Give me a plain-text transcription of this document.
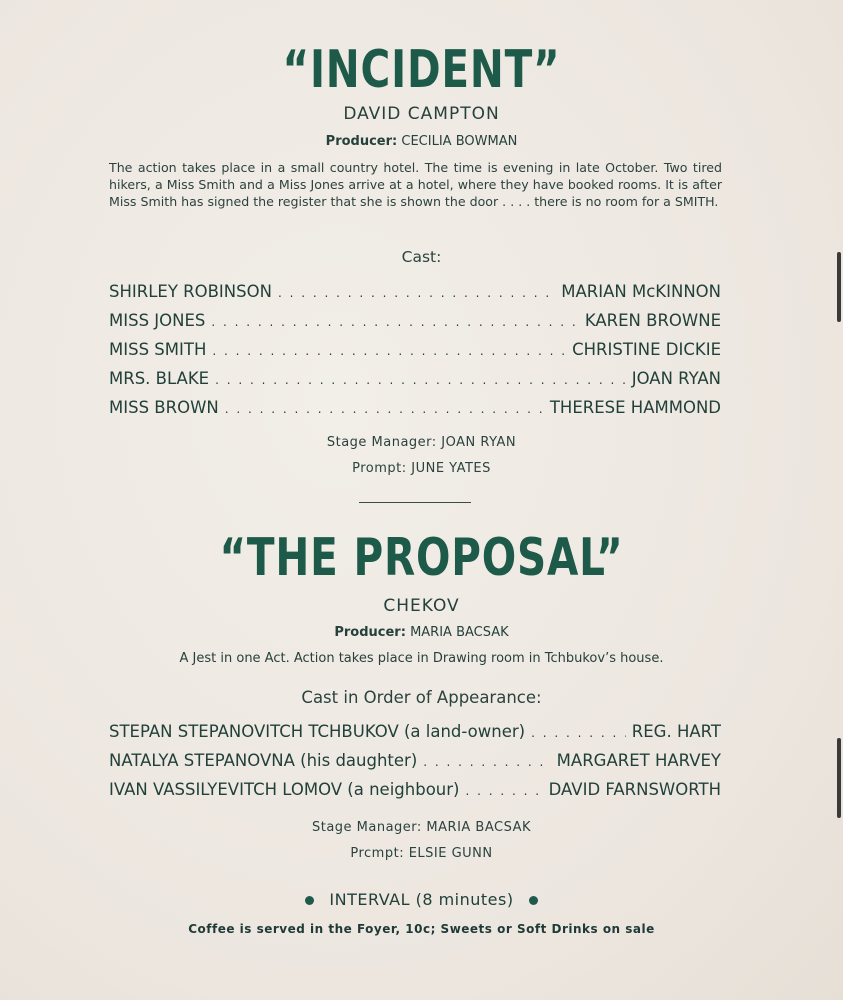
“INCIDENT”
DAVID CAMPTON
Producer: CECILIA BOWMAN
The action takes place in a small country hotel. The time is evening in late October. Two tired hikers, a Miss Smith and a Miss Jones arrive at a hotel, where they have booked rooms. It is after Miss Smith has signed the register that she is shown the door . . . . there is no room for a SMITH.
Cast:
SHIRLEY ROBINSON . . .	MARIAN McKINNON
MISS JONES . . .	KAREN BROWNE
MISS SMITH . . .	CHRISTINE DICKIE
MRS. BLAKE . . .	JOAN RYAN
MISS BROWN . . .	THERESE HAMMOND
Stage Manager: JOAN RYAN
Prompt: JUNE YATES
“THE PROPOSAL”
CHEKOV
Producer: MARIA BACSAK
A Jest in one Act. Action takes place in Drawing room in Tchbukov’s house.
Cast in Order of Appearance:
STEPAN STEPANOVITCH TCHBUKOV (a land-owner) . . .	REG. HART
NATALYA STEPANOVNA (his daughter) . . .	MARGARET HARVEY
IVAN VASSILYEVITCH LOMOV (a neighbour) . . .	DAVID FARNSWORTH
Stage Manager: MARIA BACSAK
Prcmpt: ELSIE GUNN
INTERVAL (8 minutes)
Coffee is served in the Foyer, 10c; Sweets or Soft Drinks on sale
